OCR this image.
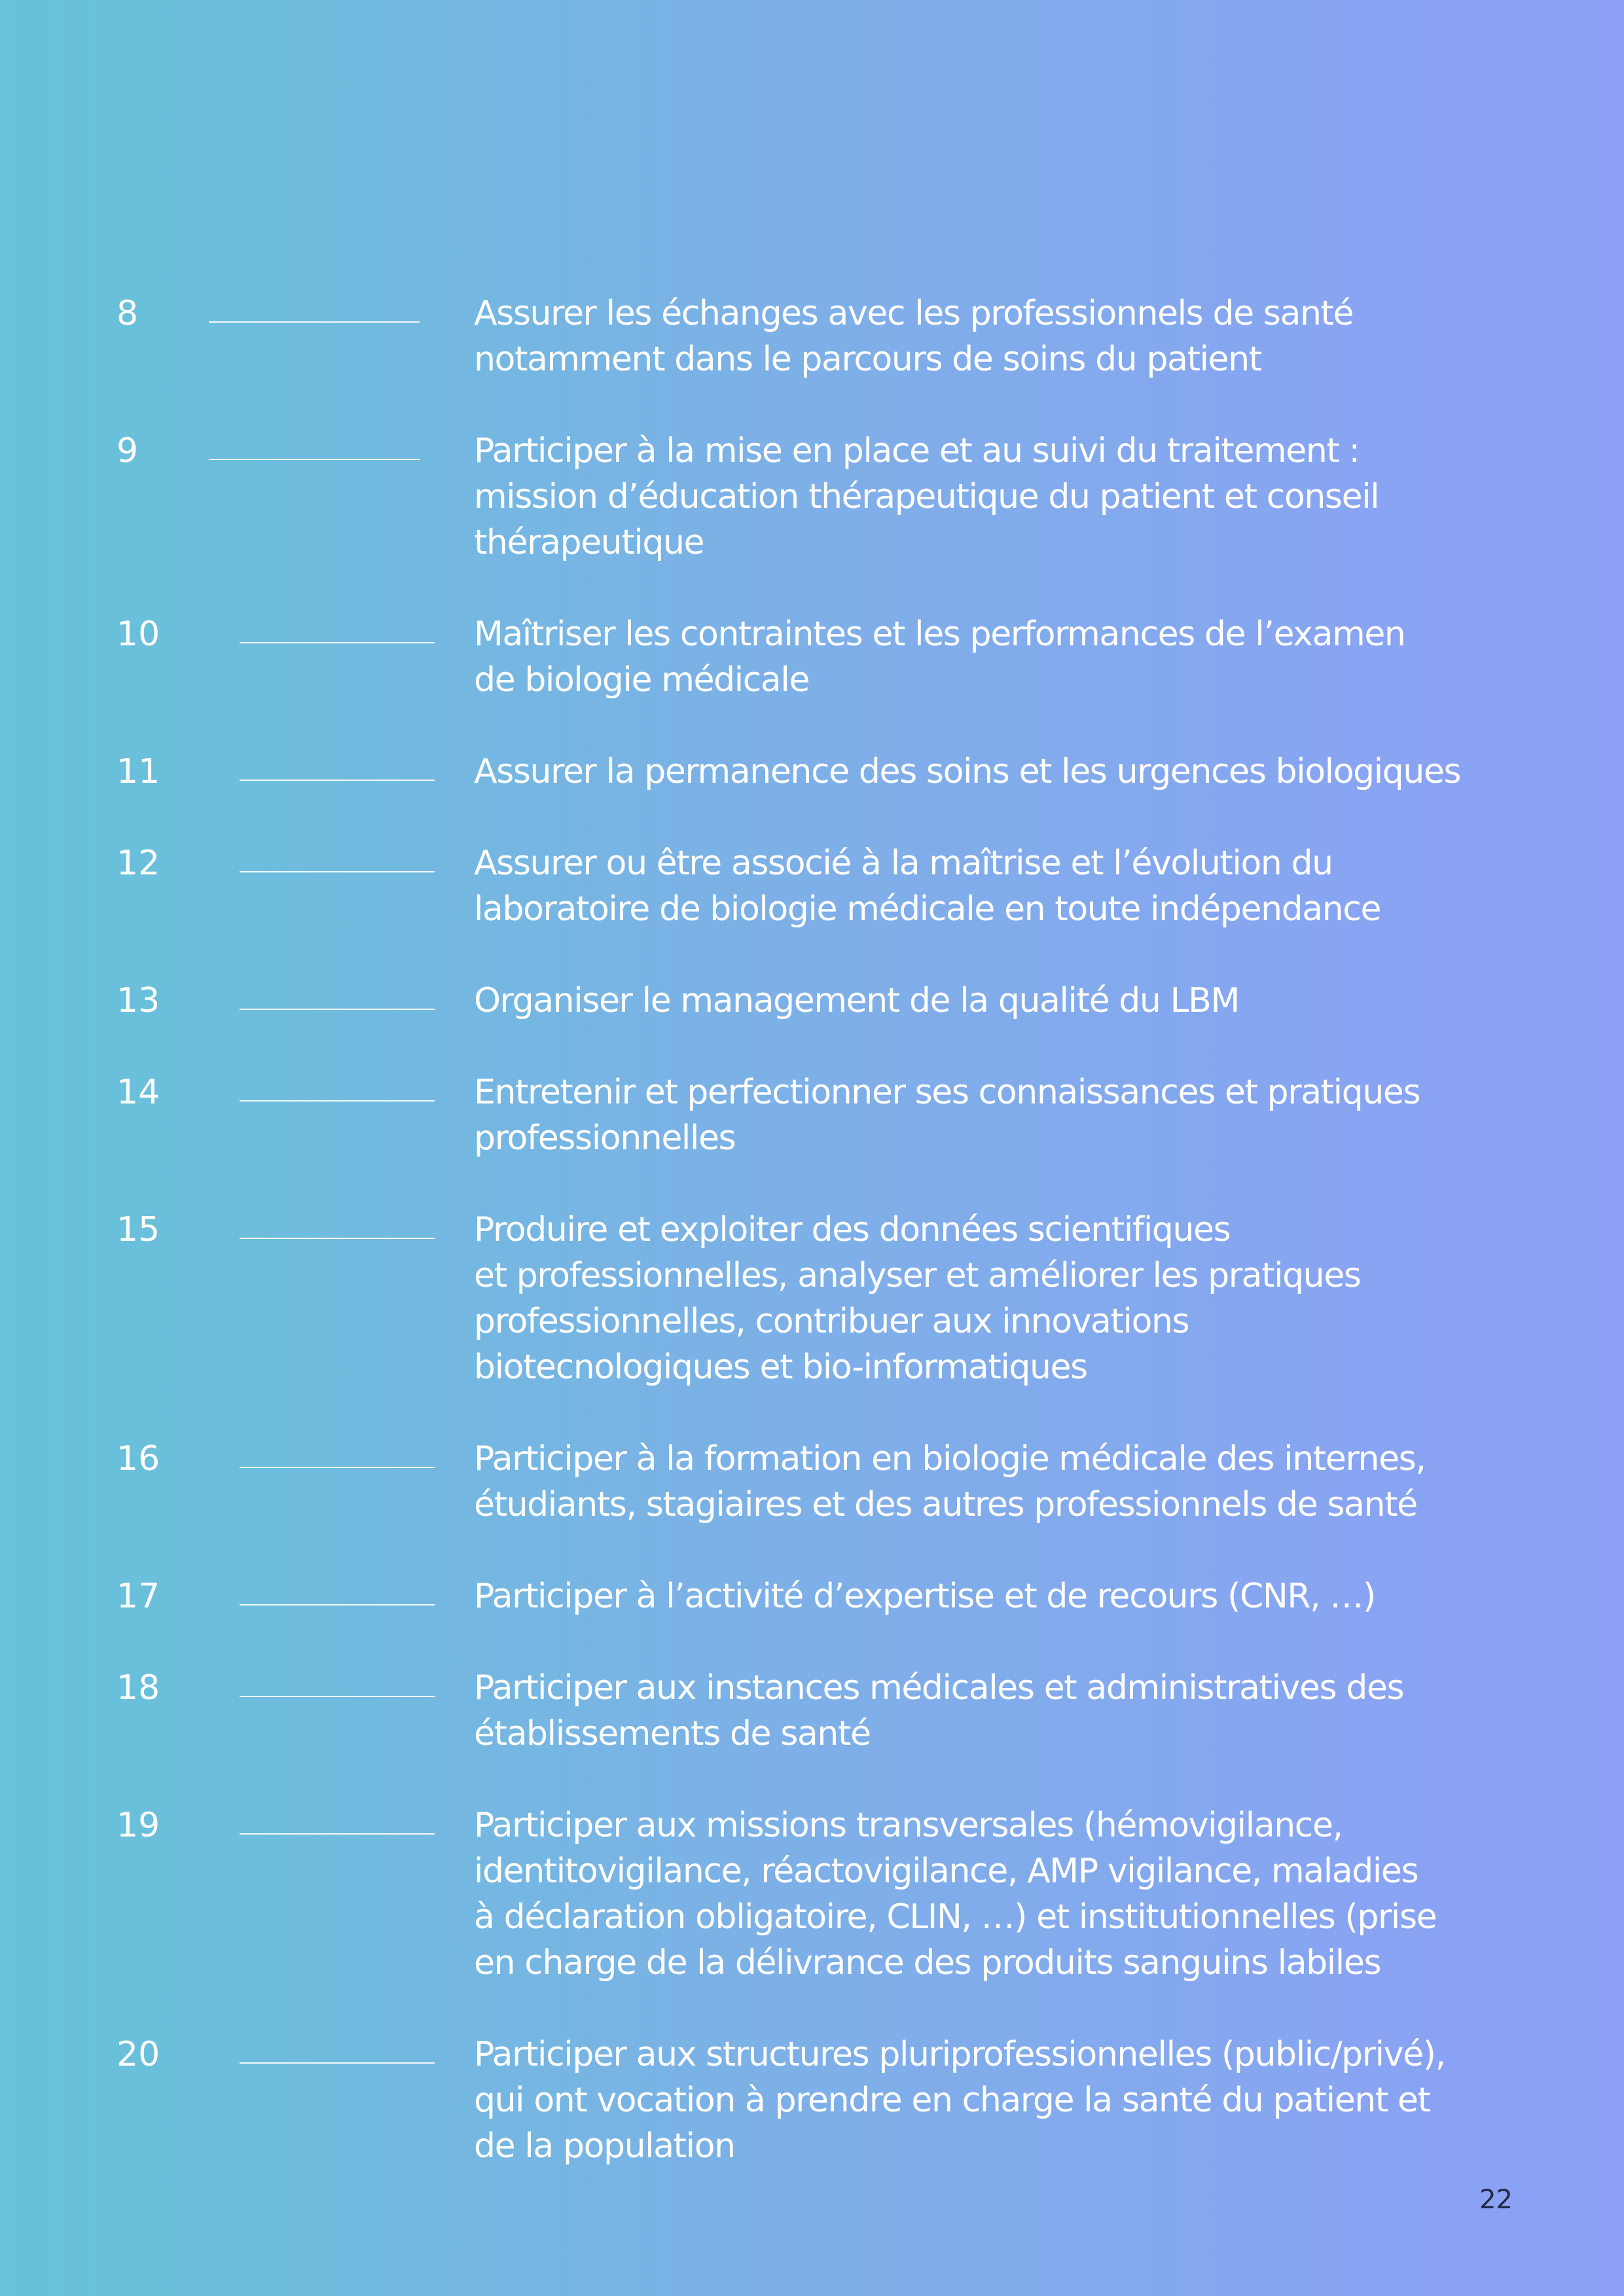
8	Assurer les échanges avec les professionnels de santé
notamment dans le parcours de soins du patient
9	Participer à la mise en place et au suivi du traitement :
mission d’éducation thérapeutique du patient et conseil
thérapeutique
10	Maîtriser les contraintes et les performances de l’examen
de biologie médicale
11	Assurer la permanence des soins et les urgences biologiques
12	Assurer ou être associé à la maîtrise et l’évolution du
laboratoire de biologie médicale en toute indépendance
13	Organiser le management de la qualité du LBM
14	Entretenir et perfectionner ses connaissances et pratiques
professionnelles
15	Produire et exploiter des données scientifiques
et professionnelles, analyser et améliorer les pratiques
professionnelles, contribuer aux innovations
biotecnologiques et bio-informatiques
16	Participer à la formation en biologie médicale des internes,
étudiants, stagiaires et des autres professionnels de santé
17	Participer à l’activité d’expertise et de recours (CNR, …)
18	Participer aux instances médicales et administratives des
établissements de santé
19	Participer aux missions transversales (hémovigilance,
identitovigilance, réactovigilance, AMP vigilance, maladies
à déclaration obligatoire, CLIN, …) et institutionnelles (prise
en charge de la délivrance des produits sanguins labiles
20	Participer aux structures pluriprofessionnelles (public/privé),
qui ont vocation à prendre en charge la santé du patient et
de la population
22
